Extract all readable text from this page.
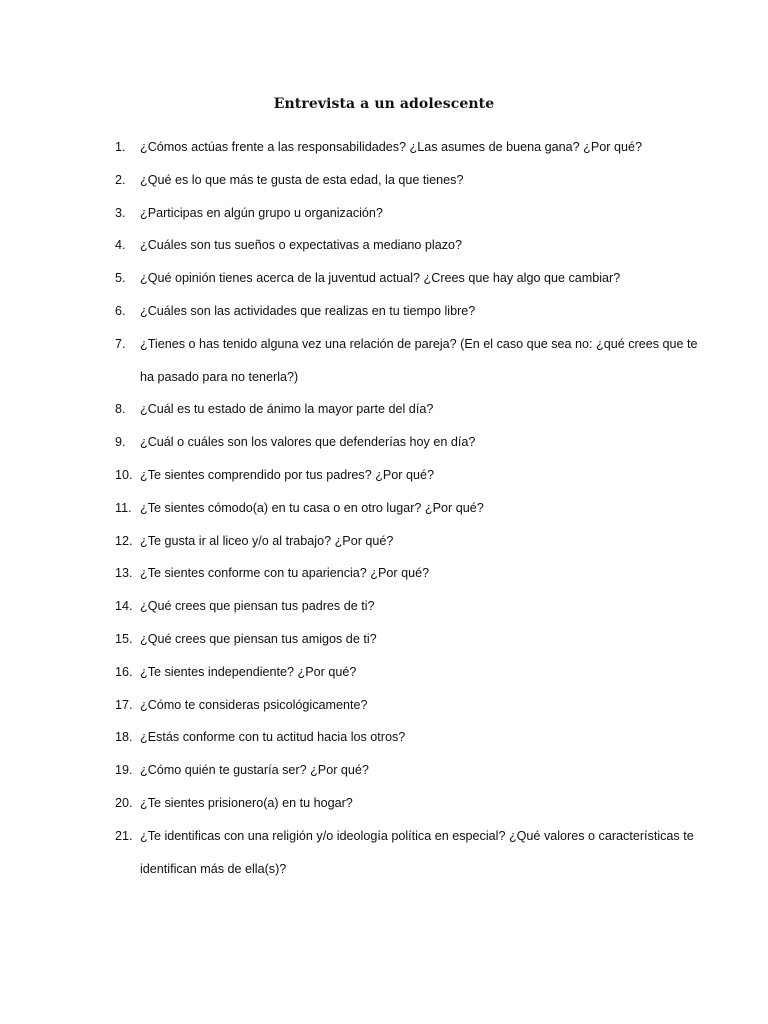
Entrevista a un adolescente
1.	¿Cómos actúas frente a las responsabilidades? ¿Las asumes de buena gana? ¿Por qué?
2.	¿Qué es lo que más te gusta de esta edad, la que tienes?
3.	¿Participas en algún grupo u organización?
4.	¿Cuáles son tus sueños o expectativas a mediano plazo?
5.	¿Qué opinión tienes acerca de la juventud actual? ¿Crees que hay algo que cambiar?
6.	¿Cuáles son las actividades que realizas en tu tiempo libre?
7.	¿Tienes o has tenido alguna vez una relación de pareja? (En el caso que sea no: ¿qué crees que te ha pasado para no tenerla?)
8.	¿Cuál es tu estado de ánimo la mayor parte del día?
9.	¿Cuál o cuáles son los valores que defenderías hoy en día?
10. ¿Te sientes comprendido por tus padres? ¿Por qué?
11. ¿Te sientes cómodo(a) en tu casa o en otro lugar? ¿Por qué?
12. ¿Te gusta ir al liceo y/o al trabajo? ¿Por qué?
13. ¿Te sientes conforme con tu apariencia? ¿Por qué?
14. ¿Qué crees que piensan tus padres de ti?
15. ¿Qué crees que piensan tus amigos de ti?
16. ¿Te sientes independiente? ¿Por qué?
17. ¿Cómo te consideras psicológicamente?
18. ¿Estás conforme con tu actitud hacia los otros?
19. ¿Cómo quién te gustaría ser? ¿Por qué?
20. ¿Te sientes prisionero(a) en tu hogar?
21. ¿Te identificas con una religión y/o ideología política en especial? ¿Qué valores o características te identifican más de ella(s)?
